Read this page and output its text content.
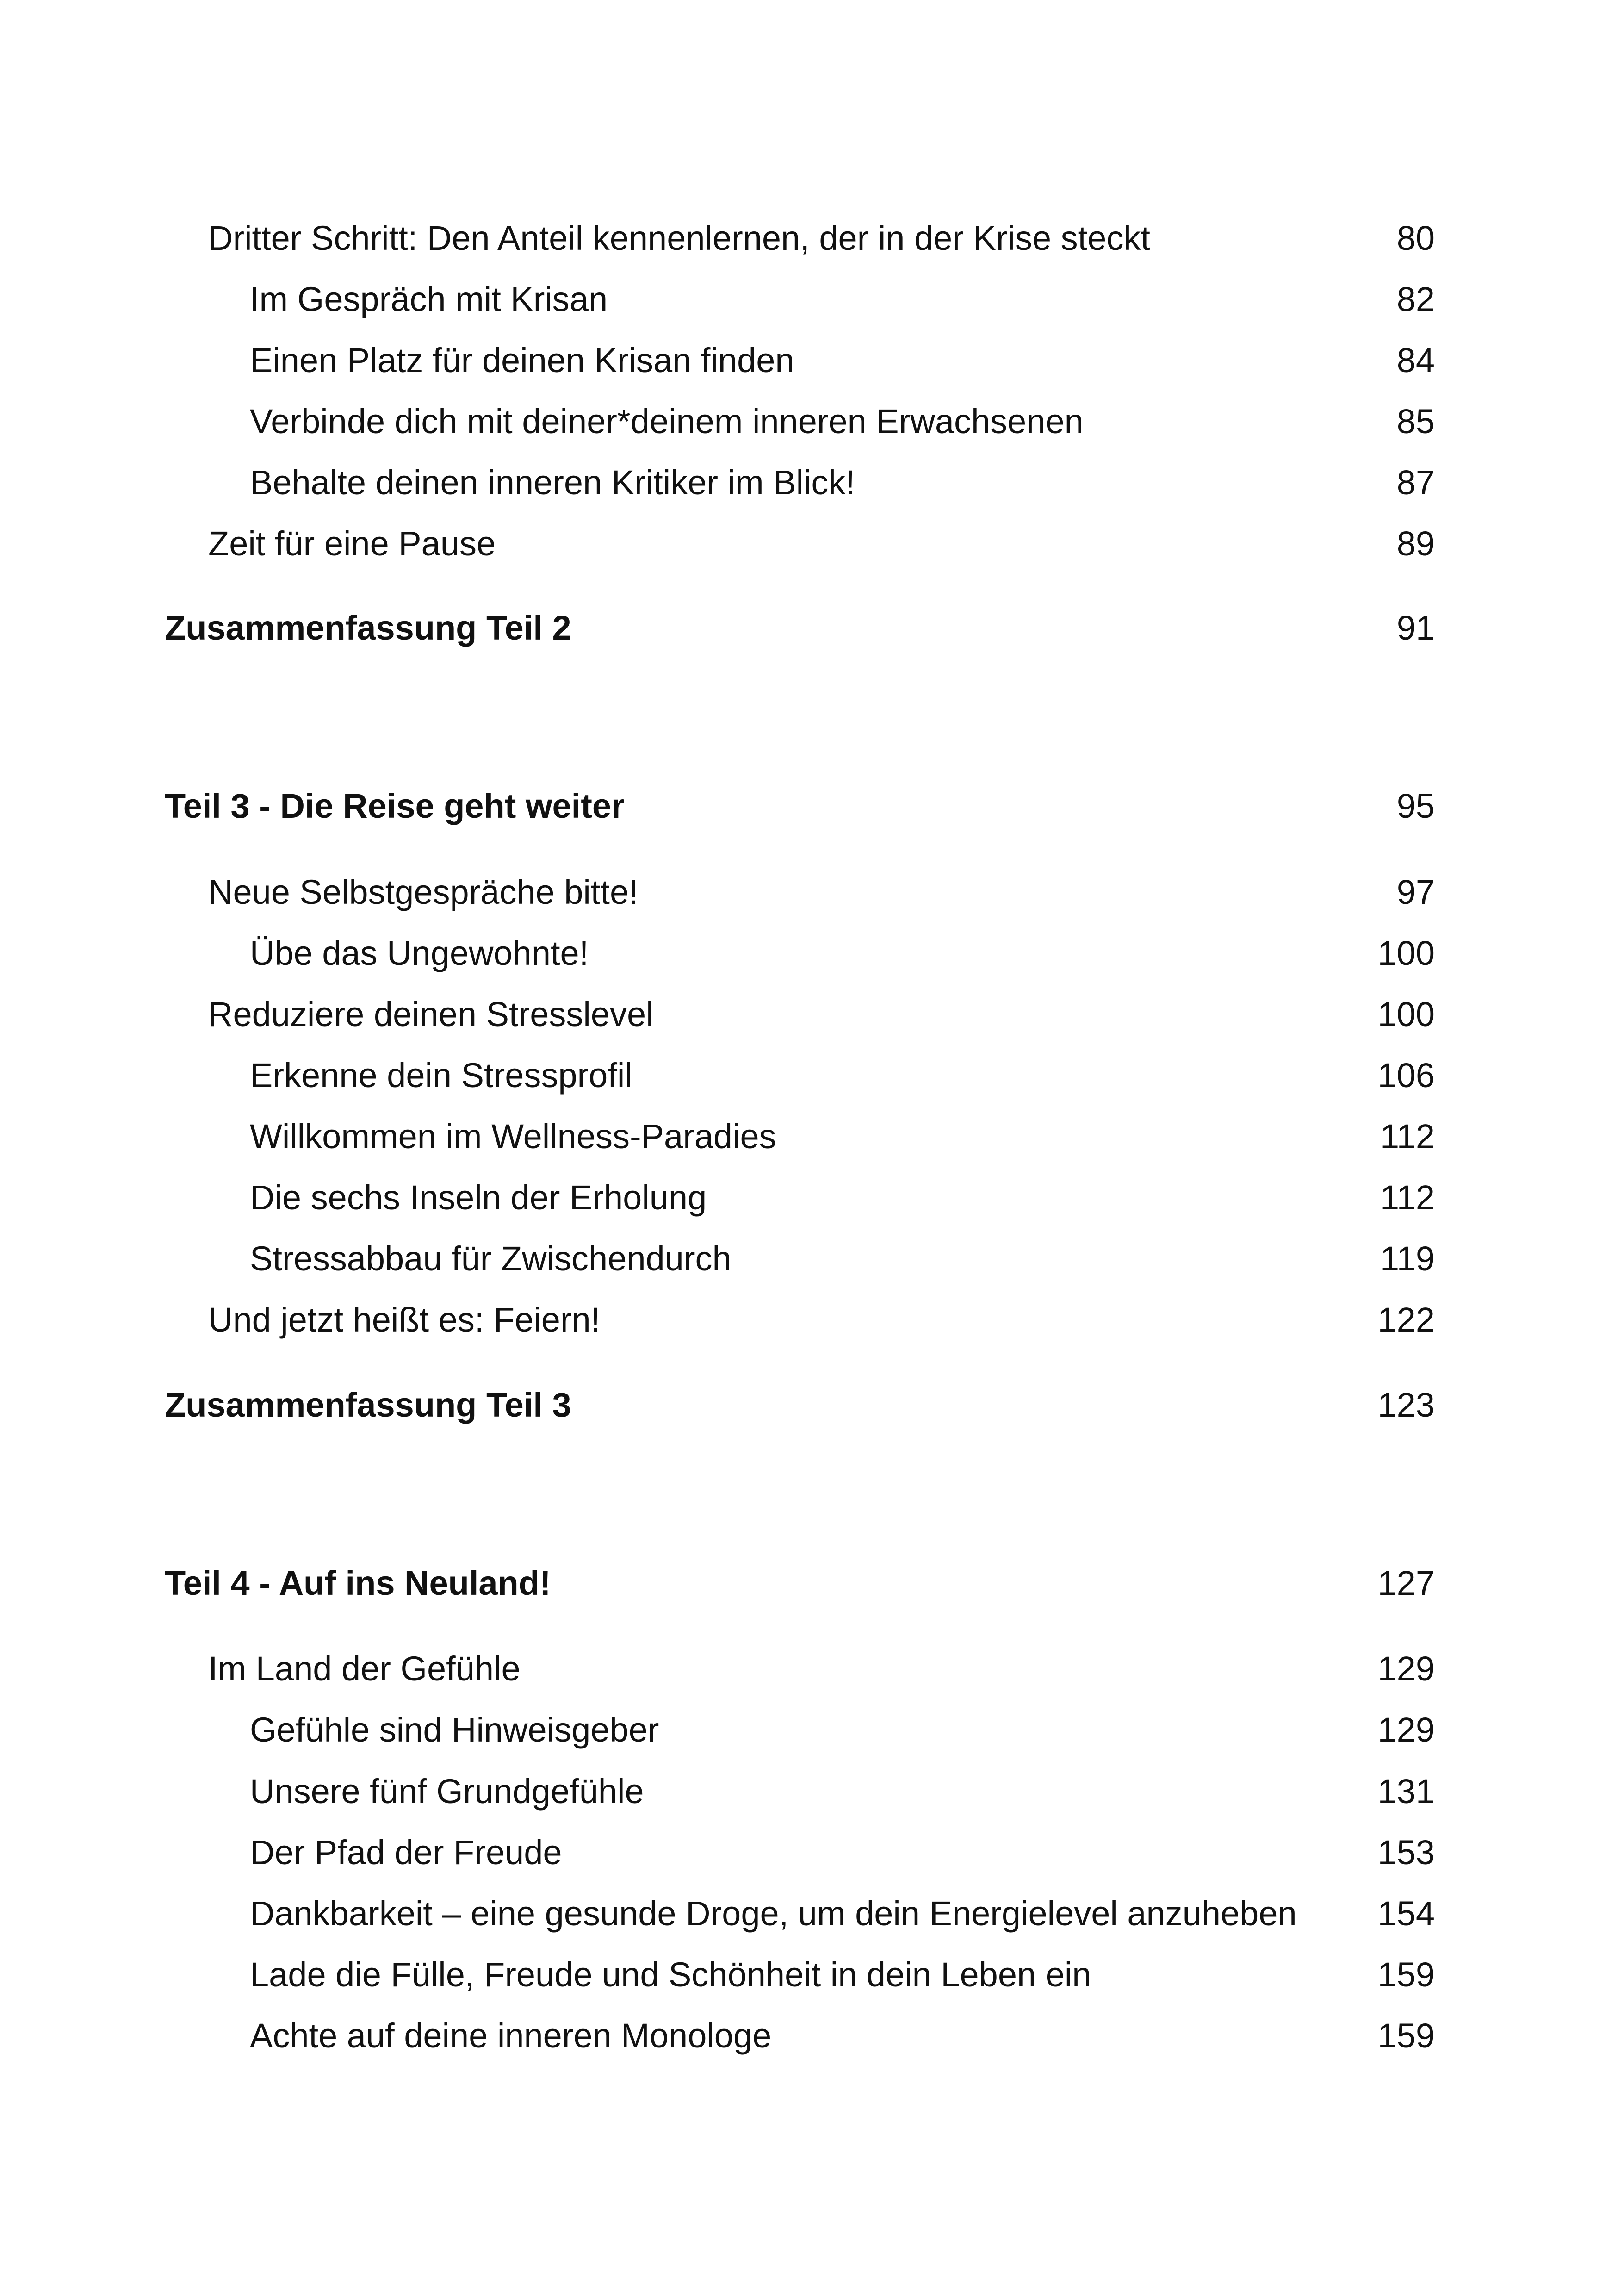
Dritter Schritt: Den Anteil kennenlernen, der in der Krise steckt	80
Im Gespräch mit Krisan	82
Einen Platz für deinen Krisan finden	84
Verbinde dich mit deiner*deinem inneren Erwachsenen	85
Behalte deinen inneren Kritiker im Blick!	87
Zeit für eine Pause	89
Zusammenfassung Teil 2	91
Teil 3 - Die Reise geht weiter	95
Neue Selbstgespräche bitte!	97
Übe das Ungewohnte!	100
Reduziere deinen Stresslevel	100
Erkenne dein Stressprofil	106
Willkommen im Wellness-Paradies	112
Die sechs Inseln der Erholung	112
Stressabbau für Zwischendurch	119
Und jetzt heißt es: Feiern!	122
Zusammenfassung Teil 3	123
Teil 4 - Auf ins Neuland!	127
Im Land der Gefühle	129
Gefühle sind Hinweisgeber	129
Unsere fünf Grundgefühle	131
Der Pfad der Freude	153
Dankbarkeit – eine gesunde Droge, um dein Energielevel anzuheben 154
Lade die Fülle, Freude und Schönheit in dein Leben ein	159
Achte auf deine inneren Monologe	159
